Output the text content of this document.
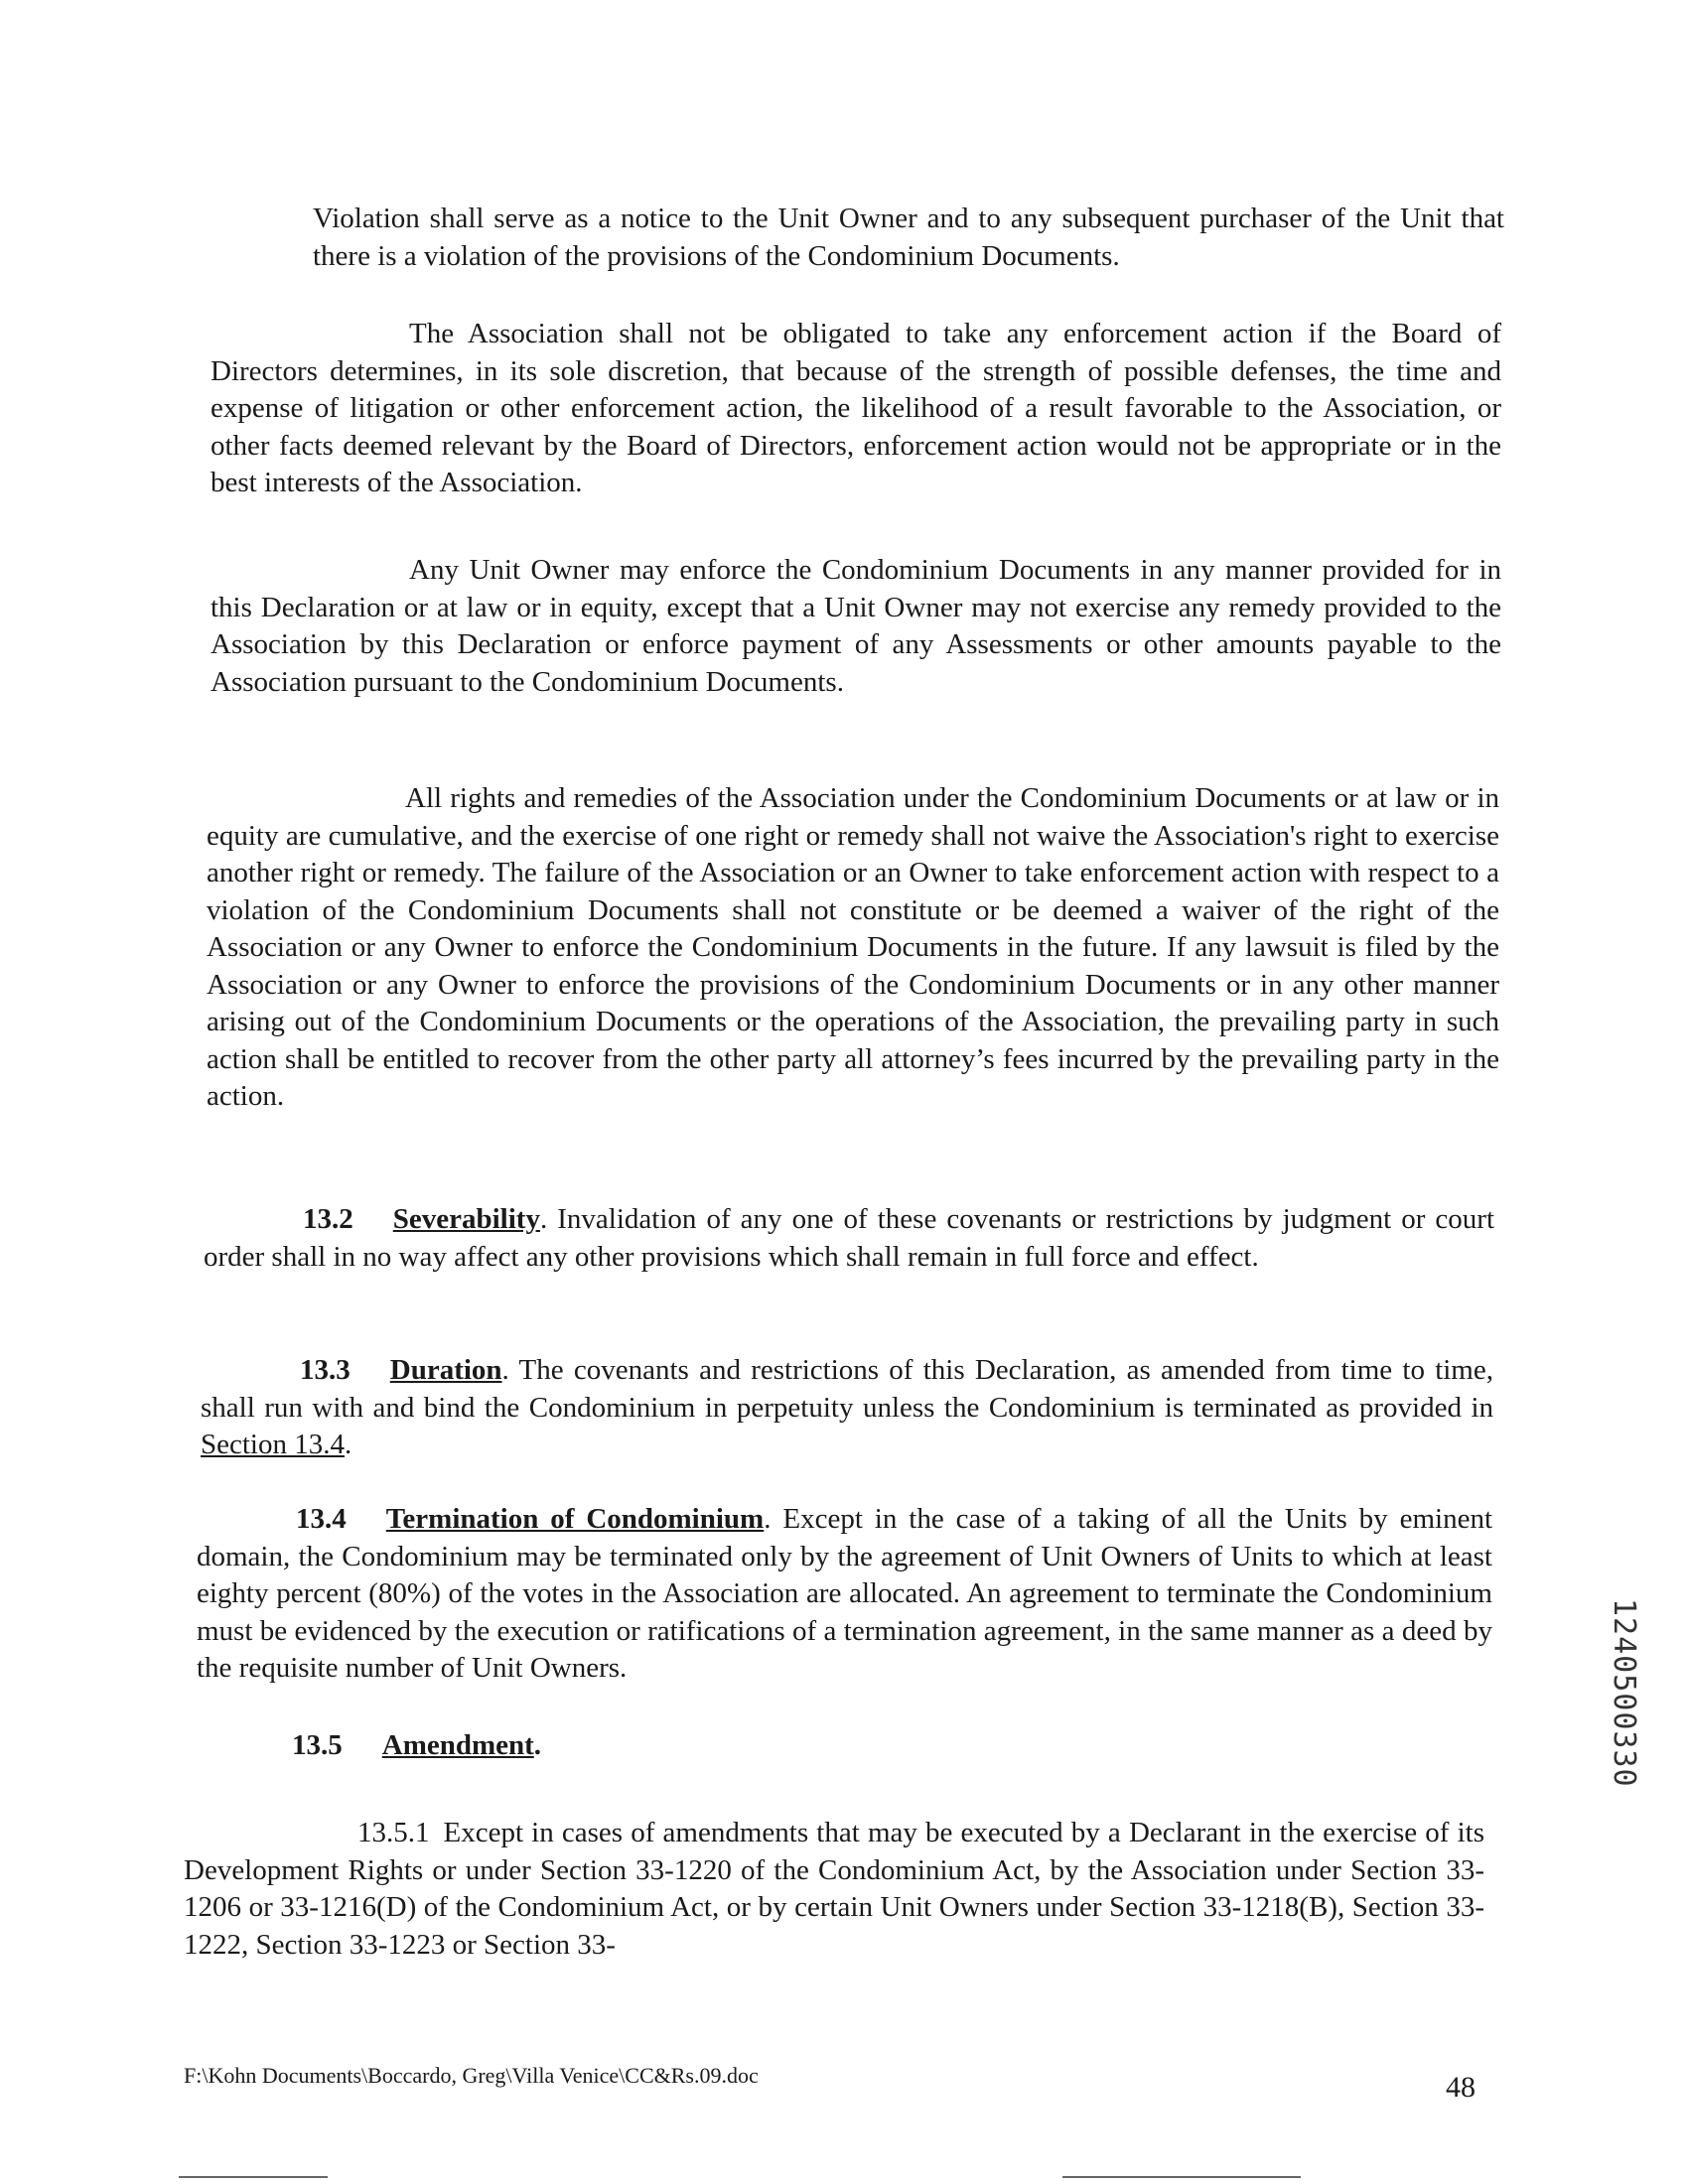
Violation shall serve as a notice to the Unit Owner and to any subsequent purchaser of the Unit that there is a violation of the provisions of the Condominium Documents.

The Association shall not be obligated to take any enforcement action if the Board of Directors determines, in its sole discretion, that because of the strength of possible defenses, the time and expense of litigation or other enforcement action, the likelihood of a result favorable to the Association, or other facts deemed relevant by the Board of Directors, enforcement action would not be appropriate or in the best interests of the Association.

Any Unit Owner may enforce the Condominium Documents in any manner provided for in this Declaration or at law or in equity, except that a Unit Owner may not exercise any remedy provided to the Association by this Declaration or enforce payment of any Assessments or other amounts payable to the Association pursuant to the Condominium Documents.

All rights and remedies of the Association under the Condominium Documents or at law or in equity are cumulative, and the exercise of one right or remedy shall not waive the Association's right to exercise another right or remedy. The failure of the Association or an Owner to take enforcement action with respect to a violation of the Condominium Documents shall not constitute or be deemed a waiver of the right of the Association or any Owner to enforce the Condominium Documents in the future. If any lawsuit is filed by the Association or any Owner to enforce the provisions of the Condominium Documents or in any other manner arising out of the Condominium Documents or the operations of the Association, the prevailing party in such action shall be entitled to recover from the other party all attorney’s fees incurred by the prevailing party in the action.

13.2 Severability. Invalidation of any one of these covenants or restrictions by judgment or court order shall in no way affect any other provisions which shall remain in full force and effect.

13.3 Duration. The covenants and restrictions of this Declaration, as amended from time to time, shall run with and bind the Condominium in perpetuity unless the Condominium is terminated as provided in Section 13.4.

13.4 Termination of Condominium. Except in the case of a taking of all the Units by eminent domain, the Condominium may be terminated only by the agreement of Unit Owners of Units to which at least eighty percent (80%) of the votes in the Association are allocated. An agreement to terminate the Condominium must be evidenced by the execution or ratifications of a termination agreement, in the same manner as a deed by the requisite number of Unit Owners.

13.5 Amendment.

13.5.1 Except in cases of amendments that may be executed by a Declarant in the exercise of its Development Rights or under Section 33-1220 of the Condominium Act, by the Association under Section 33-1206 or 33-1216(D) of the Condominium Act, or by certain Unit Owners under Section 33-1218(B), Section 33-1222, Section 33-1223 or Section 33-

F:\Kohn Documents\Boccardo, Greg\Villa Venice\CC&Rs.09.doc	48
1240500330
